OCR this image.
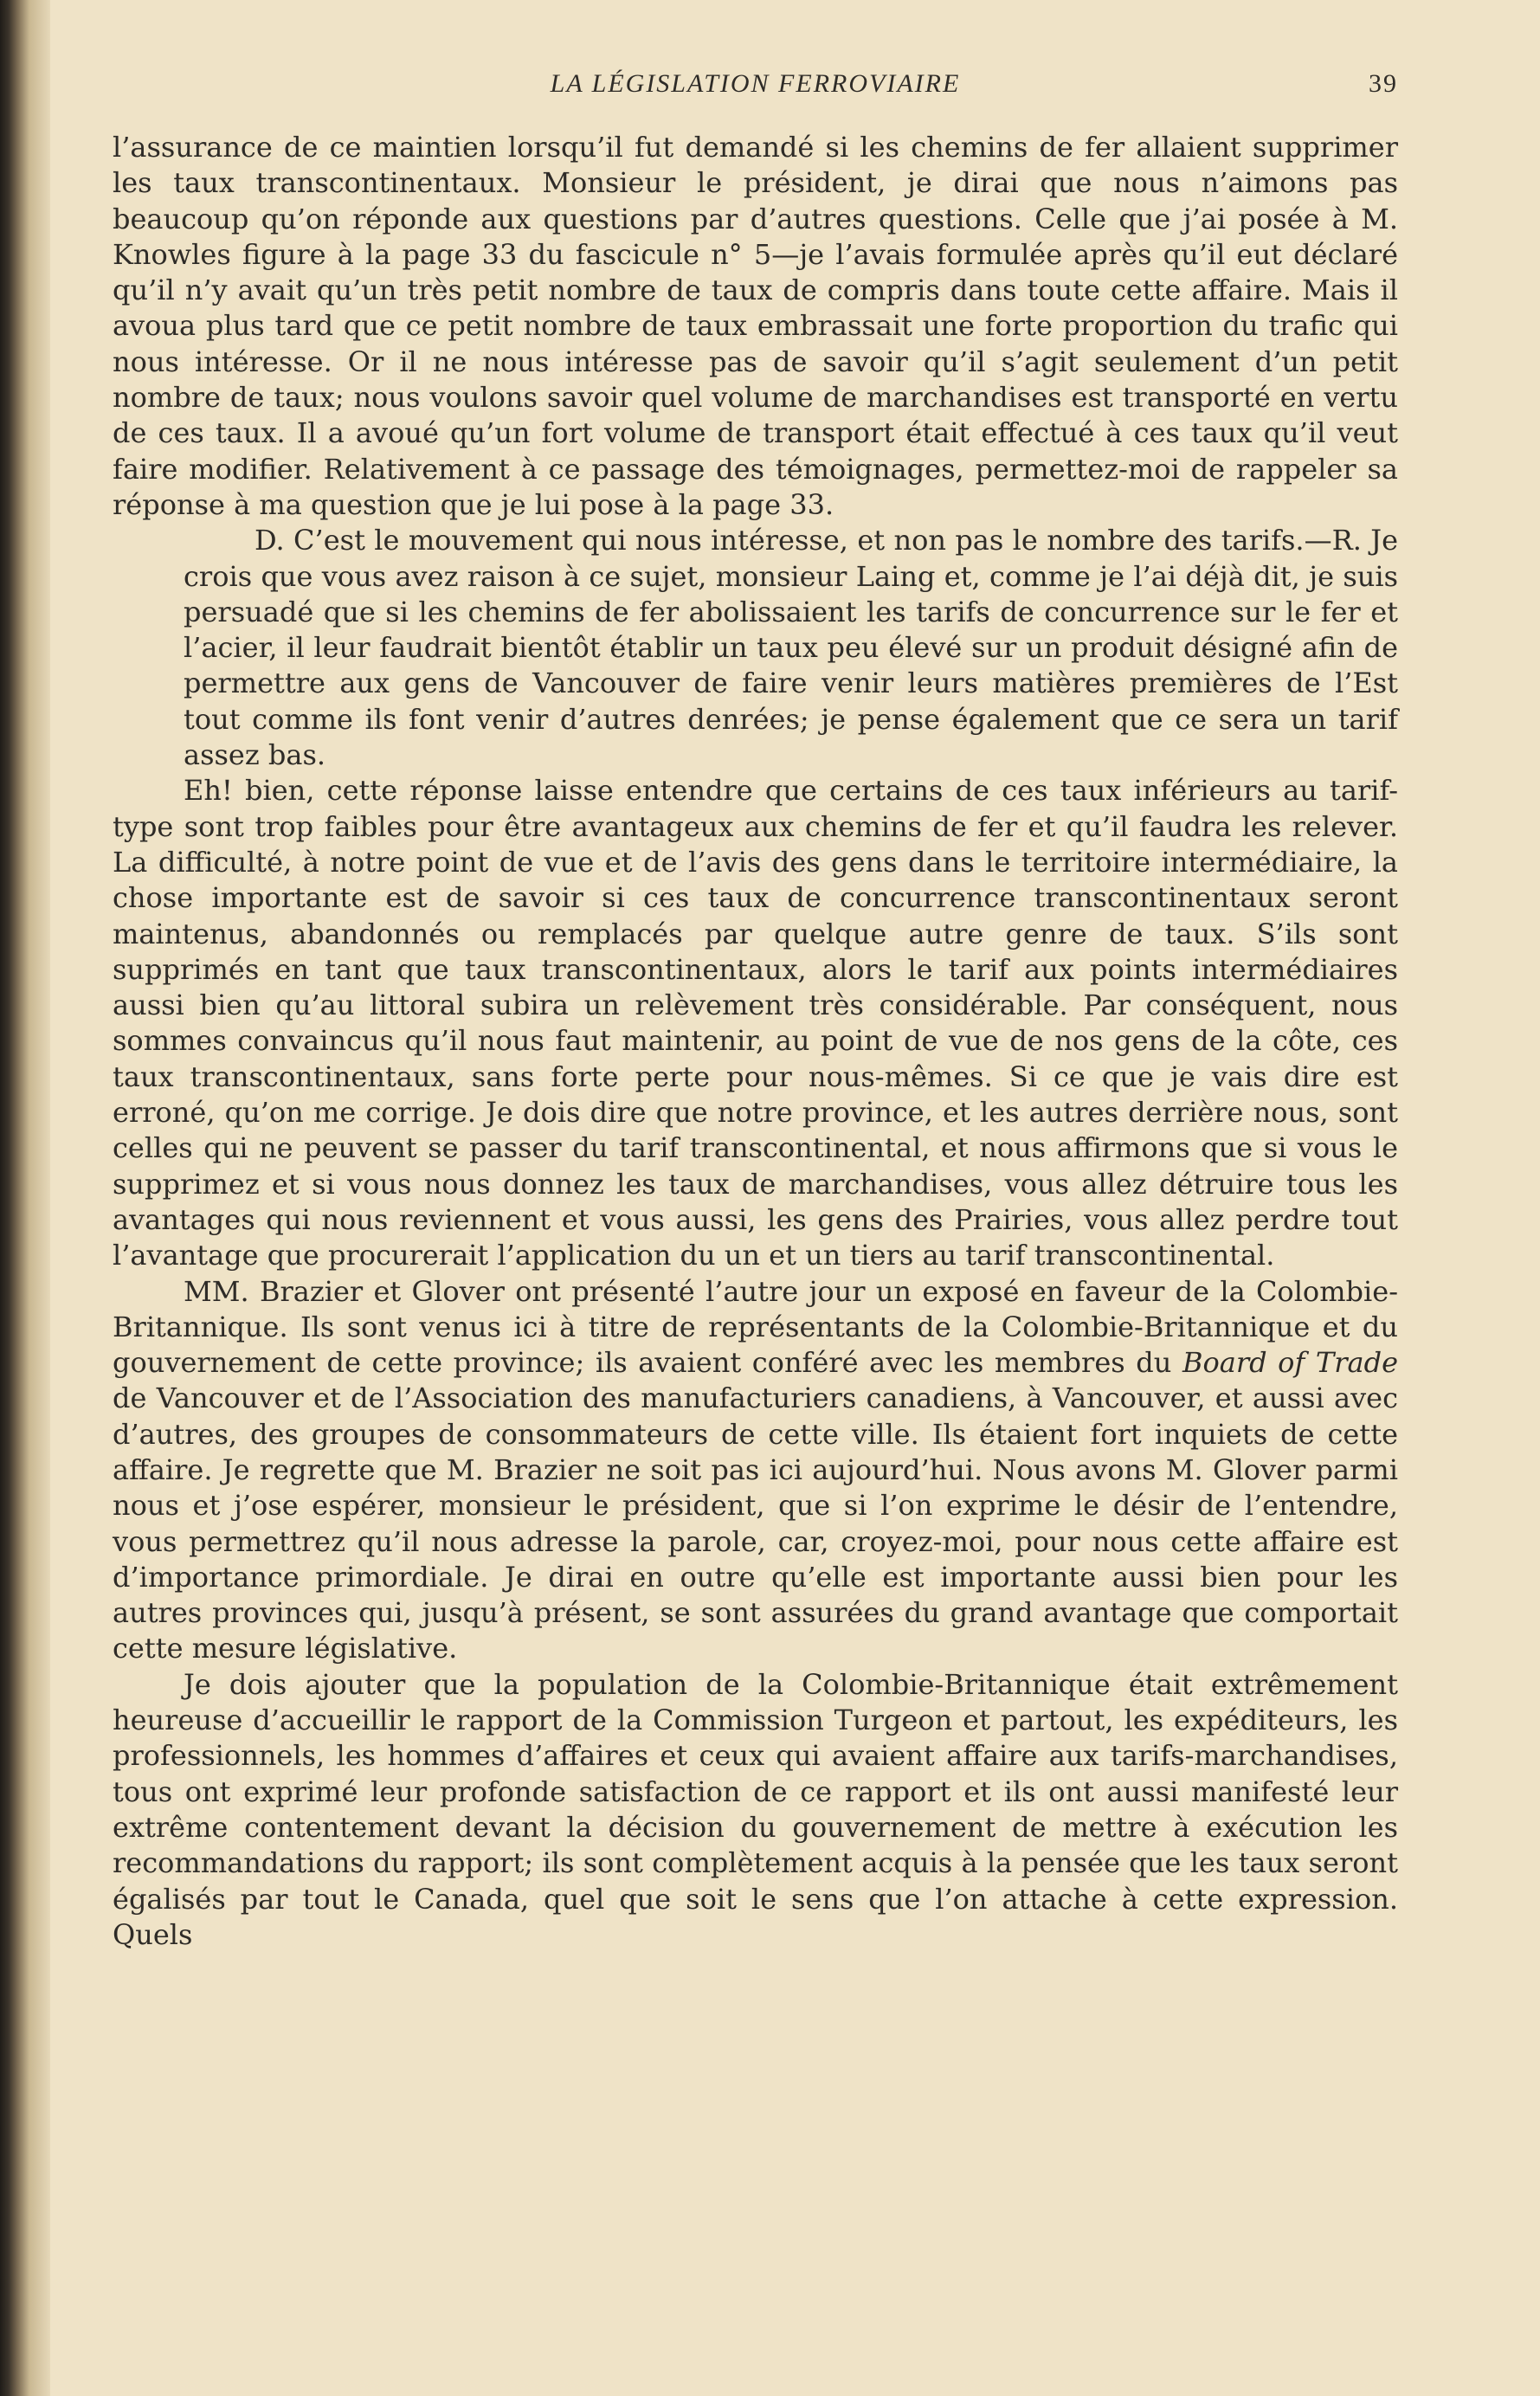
LA LÉGISLATION FERROVIAIRE	39

l’assurance de ce maintien lorsqu’il fut demandé si les chemins de fer allaient supprimer les taux transcontinentaux. Monsieur le président, je dirai que nous n’aimons pas beaucoup qu’on réponde aux questions par d’autres questions. Celle que j’ai posée à M. Knowles figure à la page 33 du fascicule n° 5—je l’avais formulée après qu’il eut déclaré qu’il n’y avait qu’un très petit nombre de taux de compris dans toute cette affaire. Mais il avoua plus tard que ce petit nombre de taux embrassait une forte proportion du trafic qui nous intéresse. Or il ne nous intéresse pas de savoir qu’il s’agit seulement d’un petit nombre de taux; nous voulons savoir quel volume de marchandises est transporté en vertu de ces taux. Il a avoué qu’un fort volume de transport était effectué à ces taux qu’il veut faire modifier. Relativement à ce passage des témoignages, permettez-moi de rappeler sa réponse à ma question que je lui pose à la page 33.

D. C’est le mouvement qui nous intéresse, et non pas le nombre des tarifs.—R. Je crois que vous avez raison à ce sujet, monsieur Laing et, comme je l’ai déjà dit, je suis persuadé que si les chemins de fer abolissaient les tarifs de concurrence sur le fer et l’acier, il leur faudrait bientôt établir un taux peu élevé sur un produit désigné afin de permettre aux gens de Vancouver de faire venir leurs matières premières de l’Est tout comme ils font venir d’autres denrées; je pense également que ce sera un tarif assez bas.

Eh! bien, cette réponse laisse entendre que certains de ces taux inférieurs au tarif-type sont trop faibles pour être avantageux aux chemins de fer et qu’il faudra les relever. La difficulté, à notre point de vue et de l’avis des gens dans le territoire intermédiaire, la chose importante est de savoir si ces taux de concurrence transcontinentaux seront maintenus, abandonnés ou remplacés par quelque autre genre de taux. S’ils sont supprimés en tant que taux transcontinentaux, alors le tarif aux points intermédiaires aussi bien qu’au littoral subira un relèvement très considérable. Par conséquent, nous sommes convaincus qu’il nous faut maintenir, au point de vue de nos gens de la côte, ces taux transcontinentaux, sans forte perte pour nous-mêmes. Si ce que je vais dire est erroné, qu’on me corrige. Je dois dire que notre province, et les autres derrière nous, sont celles qui ne peuvent se passer du tarif transcontinental, et nous affirmons que si vous le supprimez et si vous nous donnez les taux de marchandises, vous allez détruire tous les avantages qui nous reviennent et vous aussi, les gens des Prairies, vous allez perdre tout l’avantage que procurerait l’application du un et un tiers au tarif transcontinental.

MM. Brazier et Glover ont présenté l’autre jour un exposé en faveur de la Colombie-Britannique. Ils sont venus ici à titre de représentants de la Colombie-Britannique et du gouvernement de cette province; ils avaient conféré avec les membres du Board of Trade de Vancouver et de l’Association des manufacturiers canadiens, à Vancouver, et aussi avec d’autres, des groupes de consommateurs de cette ville. Ils étaient fort inquiets de cette affaire. Je regrette que M. Brazier ne soit pas ici aujourd’hui. Nous avons M. Glover parmi nous et j’ose espérer, monsieur le président, que si l’on exprime le désir de l’entendre, vous permettrez qu’il nous adresse la parole, car, croyez-moi, pour nous cette affaire est d’importance primordiale. Je dirai en outre qu’elle est importante aussi bien pour les autres provinces qui, jusqu’à présent, se sont assurées du grand avantage que comportait cette mesure législative.

Je dois ajouter que la population de la Colombie-Britannique était extrêmement heureuse d’accueillir le rapport de la Commission Turgeon et partout, les expéditeurs, les professionnels, les hommes d’affaires et ceux qui avaient affaire aux tarifs-marchandises, tous ont exprimé leur profonde satisfaction de ce rapport et ils ont aussi manifesté leur extrême contentement devant la décision du gouvernement de mettre à exécution les recommandations du rapport; ils sont complètement acquis à la pensée que les taux seront égalisés par tout le Canada, quel que soit le sens que l’on attache à cette expression. Quels
